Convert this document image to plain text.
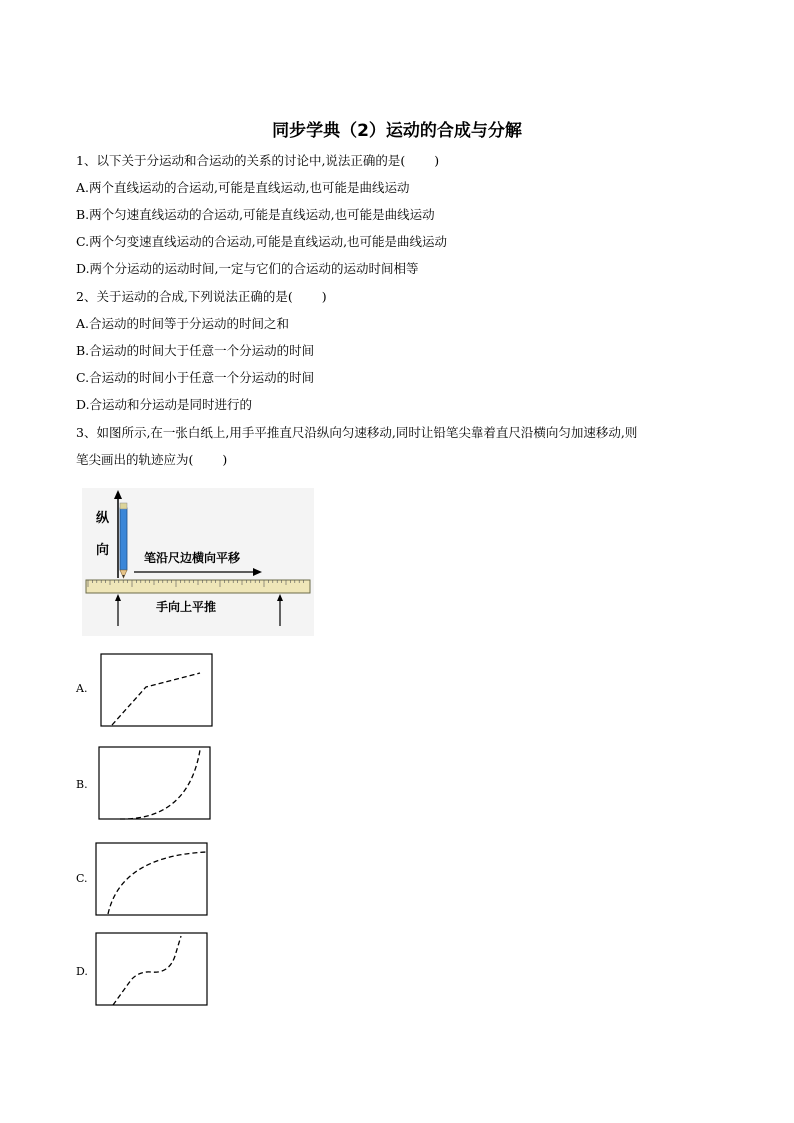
同步学典（2）运动的合成与分解
1、以下关于分运动和合运动的关系的讨论中,说法正确的是(　　 )
A.两个直线运动的合运动,可能是直线运动,也可能是曲线运动
B.两个匀速直线运动的合运动,可能是直线运动,也可能是曲线运动
C.两个匀变速直线运动的合运动,可能是直线运动,也可能是曲线运动
D.两个分运动的运动时间,一定与它们的合运动的运动时间相等
2、关于运动的合成,下列说法正确的是(　　 )
A.合运动的时间等于分运动的时间之和
B.合运动的时间大于任意一个分运动的时间
C.合运动的时间小于任意一个分运动的时间
D.合运动和分运动是同时进行的
3、如图所示,在一张白纸上,用手平推直尺沿纵向匀速移动,同时让铅笔尖靠着直尺沿横向匀加速移动,则
笔尖画出的轨迹应为(　　 )
纵
向	笔沿尺边横向平移
手向上平推
A.
B.
C.
D.
